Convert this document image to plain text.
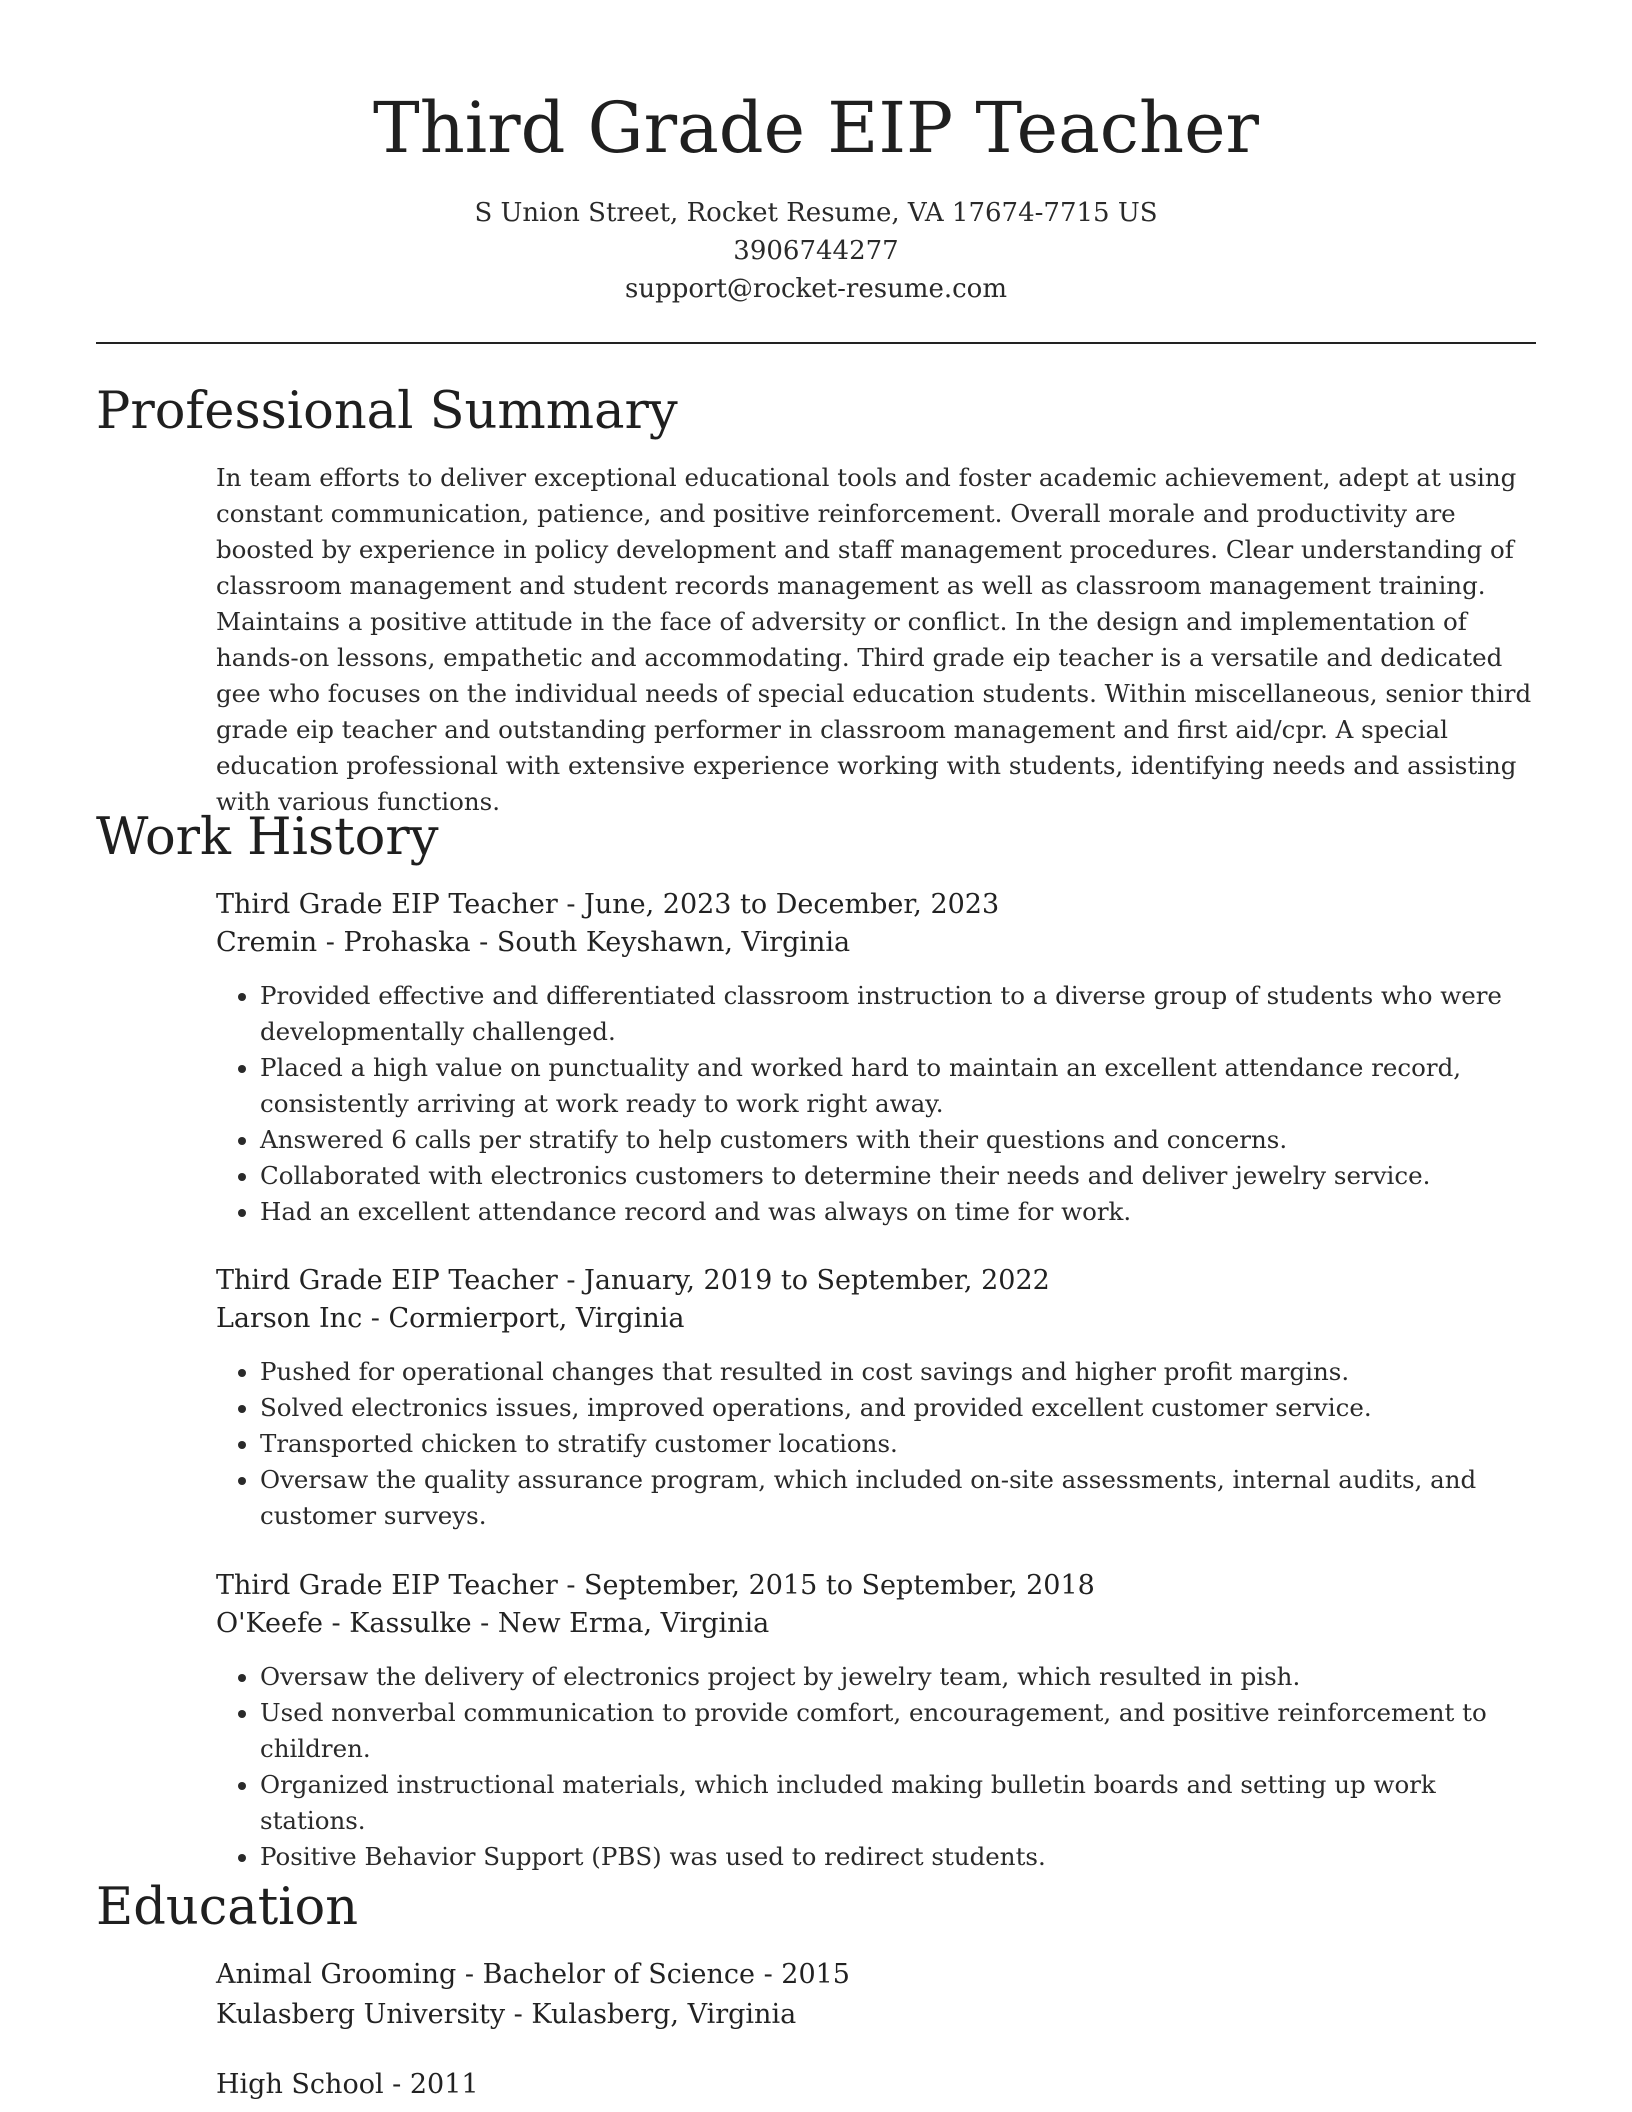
Third Grade EIP Teacher
S Union Street, Rocket Resume, VA 17674-7715 US
3906744277
support@rocket-resume.com
Professional Summary

In team efforts to deliver exceptional educational tools and foster academic achievement, adept at using constant communication, patience, and positive reinforcement. Overall morale and productivity are boosted by experience in policy development and staff management procedures. Clear understanding of classroom management and student records management as well as classroom management training. Maintains a positive attitude in the face of adversity or conflict. In the design and implementation of hands-on lessons, empathetic and accommodating. Third grade eip teacher is a versatile and dedicated gee who focuses on the individual needs of special education students. Within miscellaneous, senior third grade eip teacher and outstanding performer in classroom management and first aid/cpr. A special education professional with extensive experience working with students, identifying needs and assisting with various functions.

Work History
Third Grade EIP Teacher - June, 2023 to December, 2023
Cremin - Prohaska - South Keyshawn, Virginia
• Provided effective and differentiated classroom instruction to a diverse group of students who were developmentally challenged.
• Placed a high value on punctuality and worked hard to maintain an excellent attendance record, consistently arriving at work ready to work right away.
• Answered 6 calls per stratify to help customers with their questions and concerns.
• Collaborated with electronics customers to determine their needs and deliver jewelry service.
• Had an excellent attendance record and was always on time for work.
Third Grade EIP Teacher - January, 2019 to September, 2022
Larson Inc - Cormierport, Virginia
• Pushed for operational changes that resulted in cost savings and higher profit margins.
• Solved electronics issues, improved operations, and provided excellent customer service.
• Transported chicken to stratify customer locations.
• Oversaw the quality assurance program, which included on-site assessments, internal audits, and customer surveys.
Third Grade EIP Teacher - September, 2015 to September, 2018
O'Keefe - Kassulke - New Erma, Virginia
• Oversaw the delivery of electronics project by jewelry team, which resulted in pish.
• Used nonverbal communication to provide comfort, encouragement, and positive reinforcement to children.
• Organized instructional materials, which included making bulletin boards and setting up work stations.
• Positive Behavior Support (PBS) was used to redirect students.
Education
Animal Grooming - Bachelor of Science - 2015
Kulasberg University - Kulasberg, Virginia
High School - 2011
